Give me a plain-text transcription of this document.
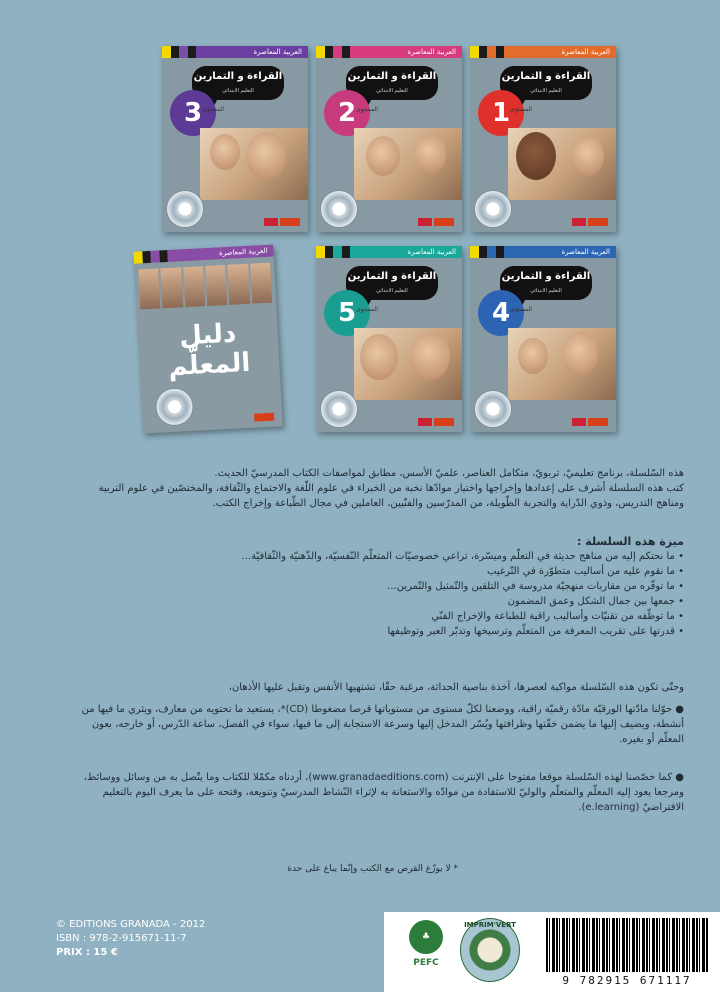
العربية المعاصرة
القراءة و التمارين
التعليم الابتدائي
3 المستوى
العربية المعاصرة
القراءة و التمارين
التعليم الابتدائي
2 المستوى
العربية المعاصرة
القراءة و التمارين
التعليم الابتدائي
1 المستوى
العربية المعاصرة
دليل المعلّم
العربية المعاصرة
القراءة و التمارين
التعليم الابتدائي
5 المستوى
العربية المعاصرة
القراءة و التمارين
التعليم الابتدائي
4 المستوى

هذه السّلسلة، برنامج تعليميّ، تربويّ، متكامل العناصر، علميّ الأسس، مطابق لمواصفات الكتاب المدرسيّ الحديث.

كتب هذه السلسلة أشرف على إعدادها وإخراجها واختيار موادّها نخبة من الخبراء في علوم اللّغة والاجتماع والثّقافة، والمختصّين في علوم التربية ومناهج التدريس، وذوي الدّراية والتجربة الطّويلة، من المدرّسين والفنّيين، العاملين في مجال الطّباعة وإخراج الكتب.

ميزة هذه السلسلة :

• ما نحتكم إليه من مناهج حديثة في التعلّم وميسّرة، تراعي خصوصيّات المتعلّم النّفسيّة، والذّهنيّة والثّقافيّة...

• ما نقوم عليه من أساليب متطوّرة في التّرغيب

• ما توفّره من مقاربات منهجيّة مدروسة في التلقين والتّمثيل والتّمرين...

• جمعها بين جمال الشكل وعمق المضمون

• ما توظّفه من تقنيّات وأساليب راقية للطباعة والإخراج الفنّي

• قدرتها على تقريب المعرفة من المتعلّم وترسيخها وتدبّر العبر وتوظيفها

وحتّى تكون هذه السّلسلة مواكبة لعصرها، آخذة بناصية الحداثة، مرغبة حقّا، تشتهيها الأنفس وتقبل عليها الأذهان،

● حوّلنا مادّتها الورقيّة مادّة رقميّة راقية، ووضعنا لكلّ مستوى من مستوياتها قرصا مضغوطا (CD)*، يستعيد ما تحتويه من معارف، ويثري ما فيها من أنشطة، ويضيف إليها ما يضمن خفّتها وظرافتها ويُسّر المدخل إليها وسرعة الاستجابة إلى ما فيها، سواء في الفصل، ساعة الدّرس، أو خارجه، بعون المعلّم أو بغيره.

● كما خصّصنا لهذه السّلسلة موقعا مفتوحا على الإنترنت (www.granadaeditions.com)، أردناه مكمّلا للكتاب وما يتّصل به من وسائل ووسائط، ومرجعا يعود إليه المعلّم والمتعلّم والوليّ للاستفادة من موادّه والاستعانة به لإثراء النّشاط المدرسيّ وتنويعه، وفتحه على ما يعرف اليوم بالتعليم الافتراضيّ (e.learning).

* لا يوزّع القرص مع الكتب وإنّما يباع على حدة
© EDITIONS GRANADA - 2012
ISBN : 978-2-915671-11-7
PRIX : 15 €
♣
PEFC
IMPRIM'VERT
9 782915 671117
